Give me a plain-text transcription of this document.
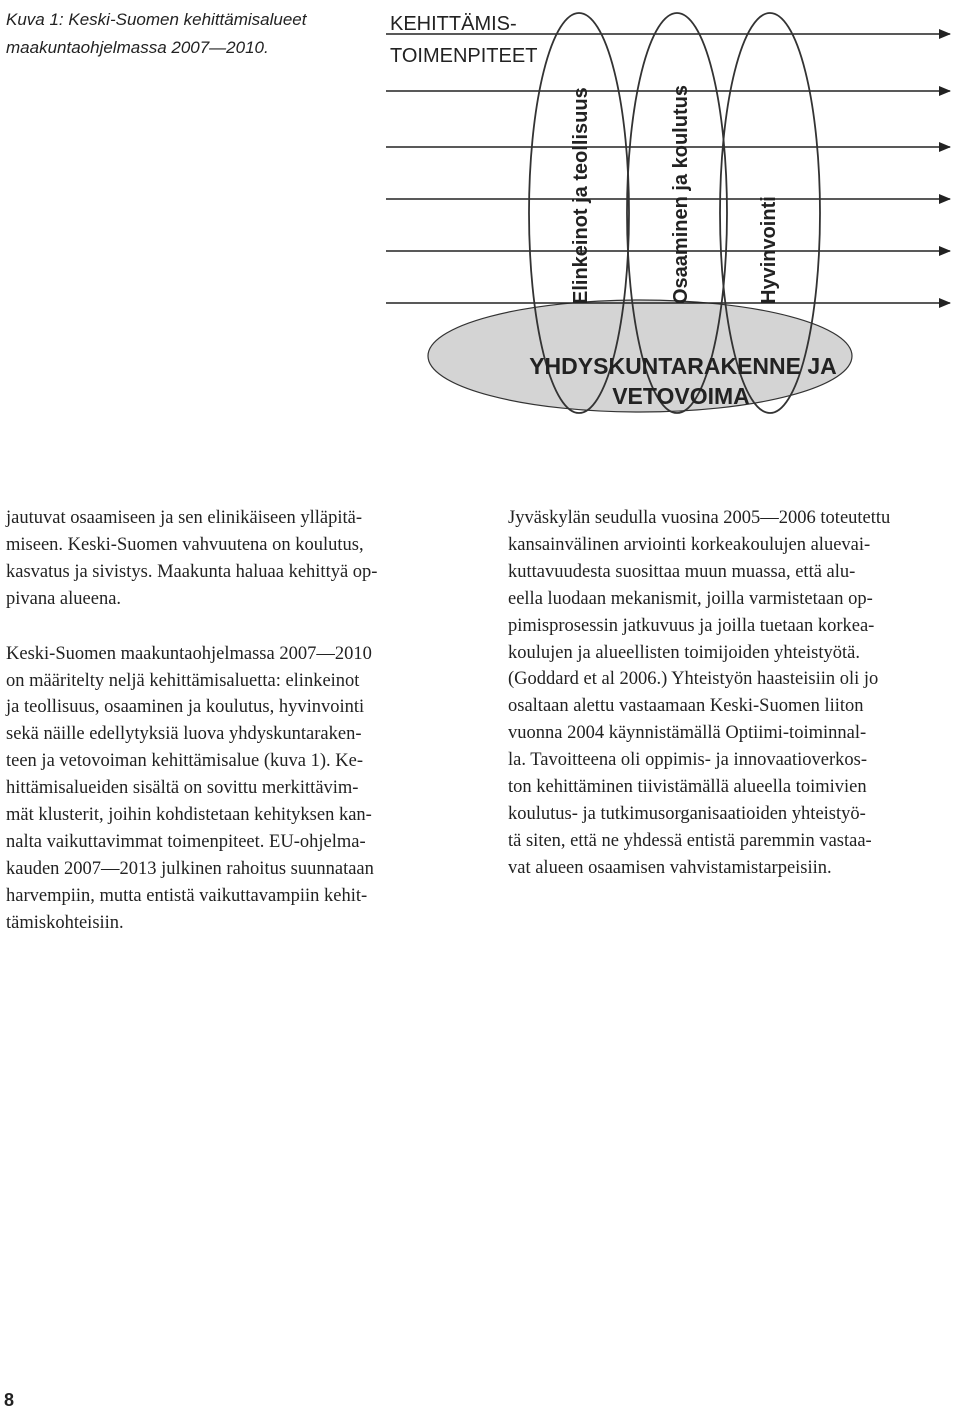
Kuva 1: Keski-Suomen kehittämisalueet
maakuntaohjelmassa 2007—2010.
KEHITTÄMIS-
TOIMENPITEET
Elinkeinot ja teollisuus	Osaaminen ja koulutus	Hyvinvointi
YHDYSKUNTARAKENNE JA
VETOVOIMA

jautuvat osaamiseen ja sen elinikäiseen ylläpitä-
miseen. Keski-Suomen vahvuutena on koulutus,
kasvatus ja sivistys. Maakunta haluaa kehittyä op-
pivana alueena.

Keski-Suomen maakuntaohjelmassa 2007—2010
on määritelty neljä kehittämisaluetta: elinkeinot
ja teollisuus, osaaminen ja koulutus, hyvinvointi
sekä näille edellytyksiä luova yhdyskuntaraken-
teen ja vetovoiman kehittämisalue (kuva 1). Ke-
hittämisalueiden sisältä on sovittu merkittävim-
mät klusterit, joihin kohdistetaan kehityksen kan-
nalta vaikuttavimmat toimenpiteet. EU-ohjelma-
kauden 2007—2013 julkinen rahoitus suunnataan
harvempiin, mutta entistä vaikuttavampiin kehit-
tämiskohteisiin.

Jyväskylän seudulla vuosina 2005—2006 toteutettu
kansainvälinen arviointi korkeakoulujen aluevai-
kuttavuudesta suosittaa muun muassa, että alu-
eella luodaan mekanismit, joilla varmistetaan op-
pimisprosessin jatkuvuus ja joilla tuetaan korkea-
koulujen ja alueellisten toimijoiden yhteistyötä.
(Goddard et al 2006.) Yhteistyön haasteisiin oli jo
osaltaan alettu vastaamaan Keski-Suomen liiton
vuonna 2004 käynnistämällä Optiimi-toiminnal-
la. Tavoitteena oli oppimis- ja innovaatioverkos-
ton kehittäminen tiivistämällä alueella toimivien
koulutus- ja tutkimusorganisaatioiden yhteistyö-
tä siten, että ne yhdessä entistä paremmin vastaa-
vat alueen osaamisen vahvistamistarpeisiin.

8
